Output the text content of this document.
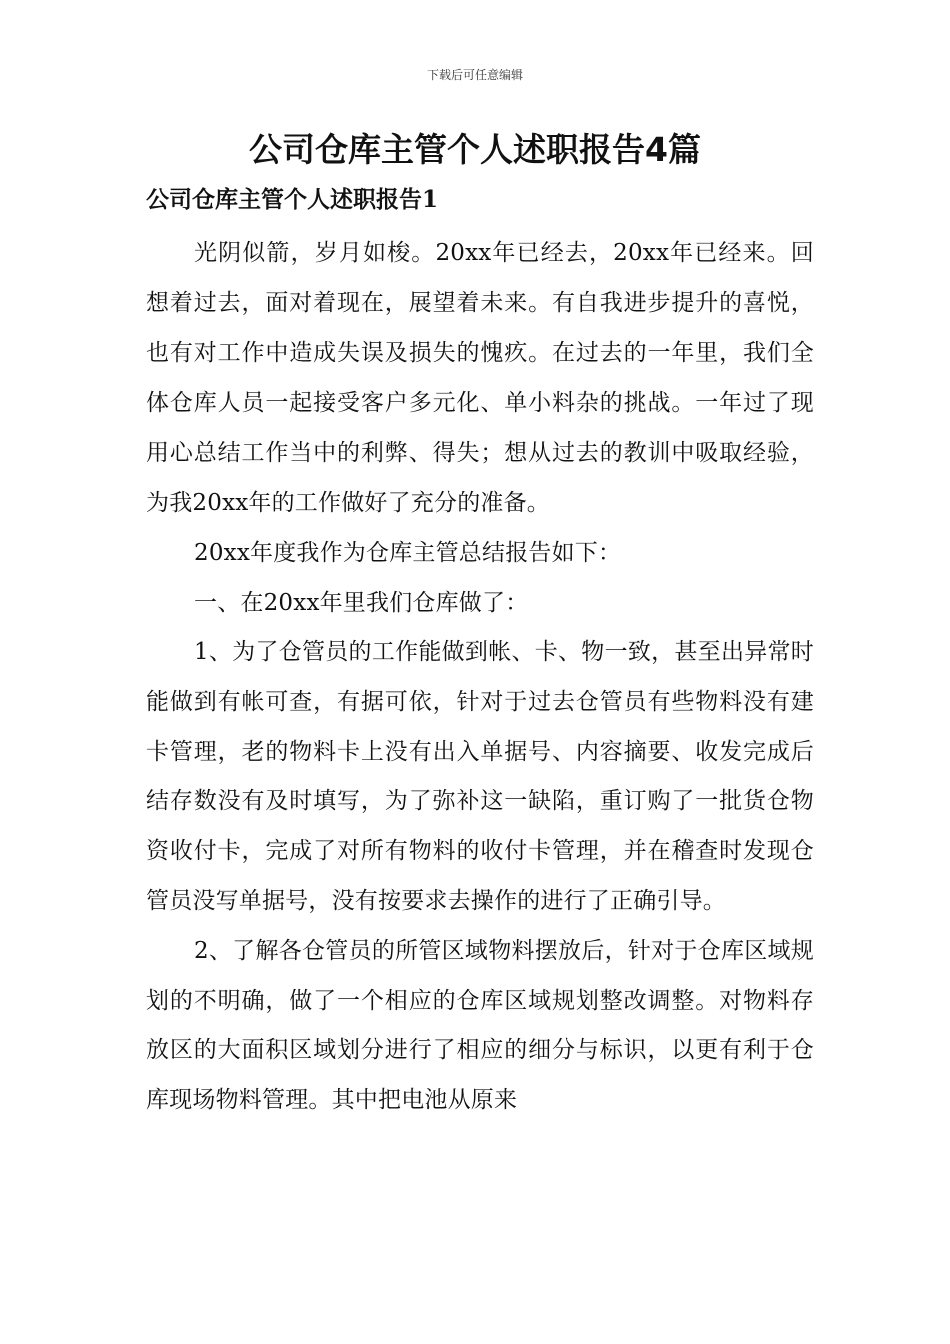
下载后可任意编辑
公司仓库主管个人述职报告4篇
公司仓库主管个人述职报告1

光阴似箭，岁月如梭。20xx年已经去，20xx年已经来。回想着过去，面对着现在，展望着未来。有自我进步提升的喜悦，也有对工作中造成失误及损失的愧疚。在过去的一年里，我们全体仓库人员一起接受客户多元化、单小料杂的挑战。一年过了现用心总结工作当中的利弊、得失；想从过去的教训中吸取经验，为我20xx年的工作做好了充分的准备。

20xx年度我作为仓库主管总结报告如下：

一、在20xx年里我们仓库做了：

1、为了仓管员的工作能做到帐、卡、物一致，甚至出异常时能做到有帐可查，有据可依，针对于过去仓管员有些物料没有建卡管理，老的物料卡上没有出入单据号、内容摘要、收发完成后结存数没有及时填写，为了弥补这一缺陷，重订购了一批货仓物资收付卡，完成了对所有物料的收付卡管理，并在稽查时发现仓管员没写单据号，没有按要求去操作的进行了正确引导。

2、了解各仓管员的所管区域物料摆放后，针对于仓库区域规划的不明确，做了一个相应的仓库区域规划整改调整。对物料存放区的大面积区域划分进行了相应的细分与标识，以更有利于仓库现场物料管理。其中把电池从原来
